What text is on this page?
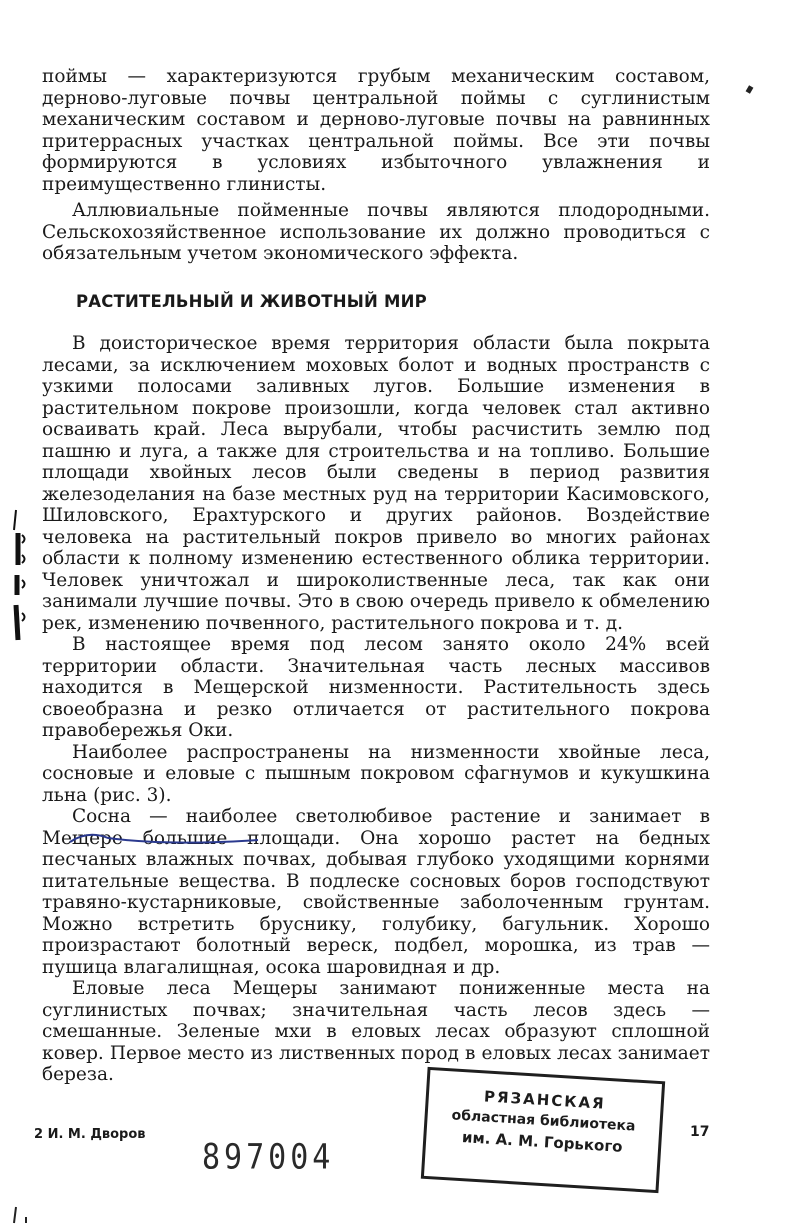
поймы — характеризуются грубым механическим составом, дерново-луговые почвы центральной поймы с суглинистым механическим составом и дерново-луговые почвы на равнинных притеррасных участках центральной поймы. Все эти почвы формируются в условиях избыточного увлажнения и преимущественно глинисты.

Аллювиальные пойменные почвы являются плодородными. Сельскохозяйственное использование их должно проводиться с обязательным учетом экономического эффекта.

РАСТИТЕЛЬНЫЙ И ЖИВОТНЫЙ МИР

В доисторическое время территория области была покрыта лесами, за исключением моховых болот и водных пространств с узкими полосами заливных лугов. Большие изменения в растительном покрове произошли, когда человек стал активно осваивать край. Леса вырубали, чтобы расчистить землю под пашню и луга, а также для строительства и на топливо. Большие площади хвойных лесов были сведены в период развития железоделания на базе местных руд на территории Касимовского, Шиловского, Ерахтурского и других районов. Воздействие человека на растительный покров привело во многих районах области к полному изменению естественного облика территории. Человек уничтожал и широколиственные леса, так как они занимали лучшие почвы. Это в свою очередь привело к обмелению рек, изменению почвенного, растительного покрова и т. д.

В настоящее время под лесом занято около 24% всей территории области. Значительная часть лесных массивов находится в Мещерской низменности. Растительность здесь своеобразна и резко отличается от растительного покрова правобережья Оки.

Наиболее распространены на низменности хвойные леса, сосновые и еловые с пышным покровом сфагнумов и кукушкина льна (рис. 3).

Сосна — наиболее светолюбивое растение и занимает в Мещере большие площади. Она хорошо растет на бедных песчаных влажных почвах, добывая глубоко уходящими корнями питательные вещества. В подлеске сосновых боров господствуют травяно-кустарниковые, свойственные заболоченным грунтам. Можно встретить бруснику, голубику, багульник. Хорошо произрастают болотный вереск, подбел, морошка, из трав — пушица влагалищная, осока шаровидная и др.

Еловые леса Мещеры занимают пониженные места на суглинистых почвах; значительная часть лесов здесь — смешанные. Зеленые мхи в еловых лесах образуют сплошной ковер. Первое место из лиственных пород в еловых лесах занимает береза.

2 И. М. Дворов
897004
17
РЯЗАНСКАЯ
областная библиотека
им. А. М. Горького
